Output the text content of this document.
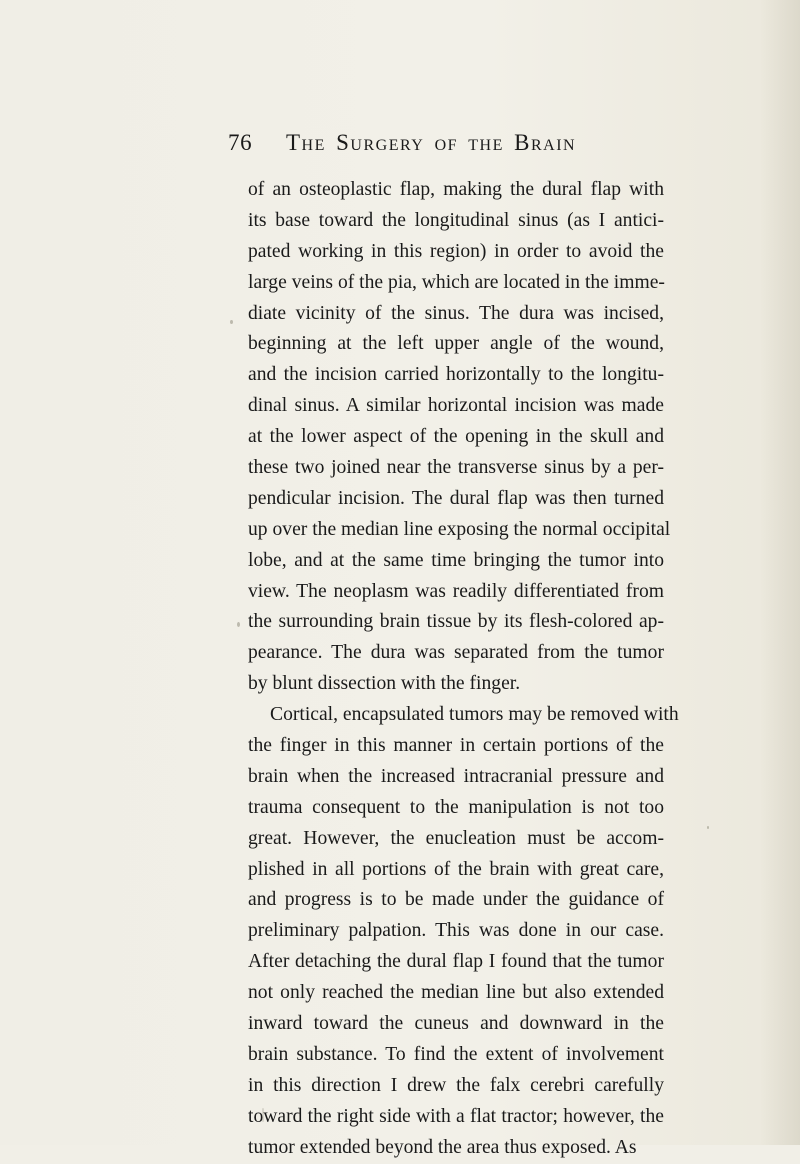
76 The Surgery of the Brain
of an osteoplastic flap, making the dural flap with
its base toward the longitudinal sinus (as I antici-
pated working in this region) in order to avoid the
large veins of the pia, which are located in the imme-
diate vicinity of the sinus. The dura was incised,
beginning at the left upper angle of the wound,
and the incision carried horizontally to the longitu-
dinal sinus. A similar horizontal incision was made
at the lower aspect of the opening in the skull and
these two joined near the transverse sinus by a per-
pendicular incision. The dural flap was then turned
up over the median line exposing the normal occipital
lobe, and at the same time bringing the tumor into
view. The neoplasm was readily differentiated from
the surrounding brain tissue by its flesh-colored ap-
pearance. The dura was separated from the tumor
by blunt dissection with the finger.
Cortical, encapsulated tumors may be removed with
the finger in this manner in certain portions of the
brain when the increased intracranial pressure and
trauma consequent to the manipulation is not too
great. However, the enucleation must be accom-
plished in all portions of the brain with great care,
and progress is to be made under the guidance of
preliminary palpation. This was done in our case.
After detaching the dural flap I found that the tumor
not only reached the median line but also extended
inward toward the cuneus and downward in the
brain substance. To find the extent of involvement
in this direction I drew the falx cerebri carefully
toward the right side with a flat tractor; however, the
tumor extended beyond the area thus exposed. As
